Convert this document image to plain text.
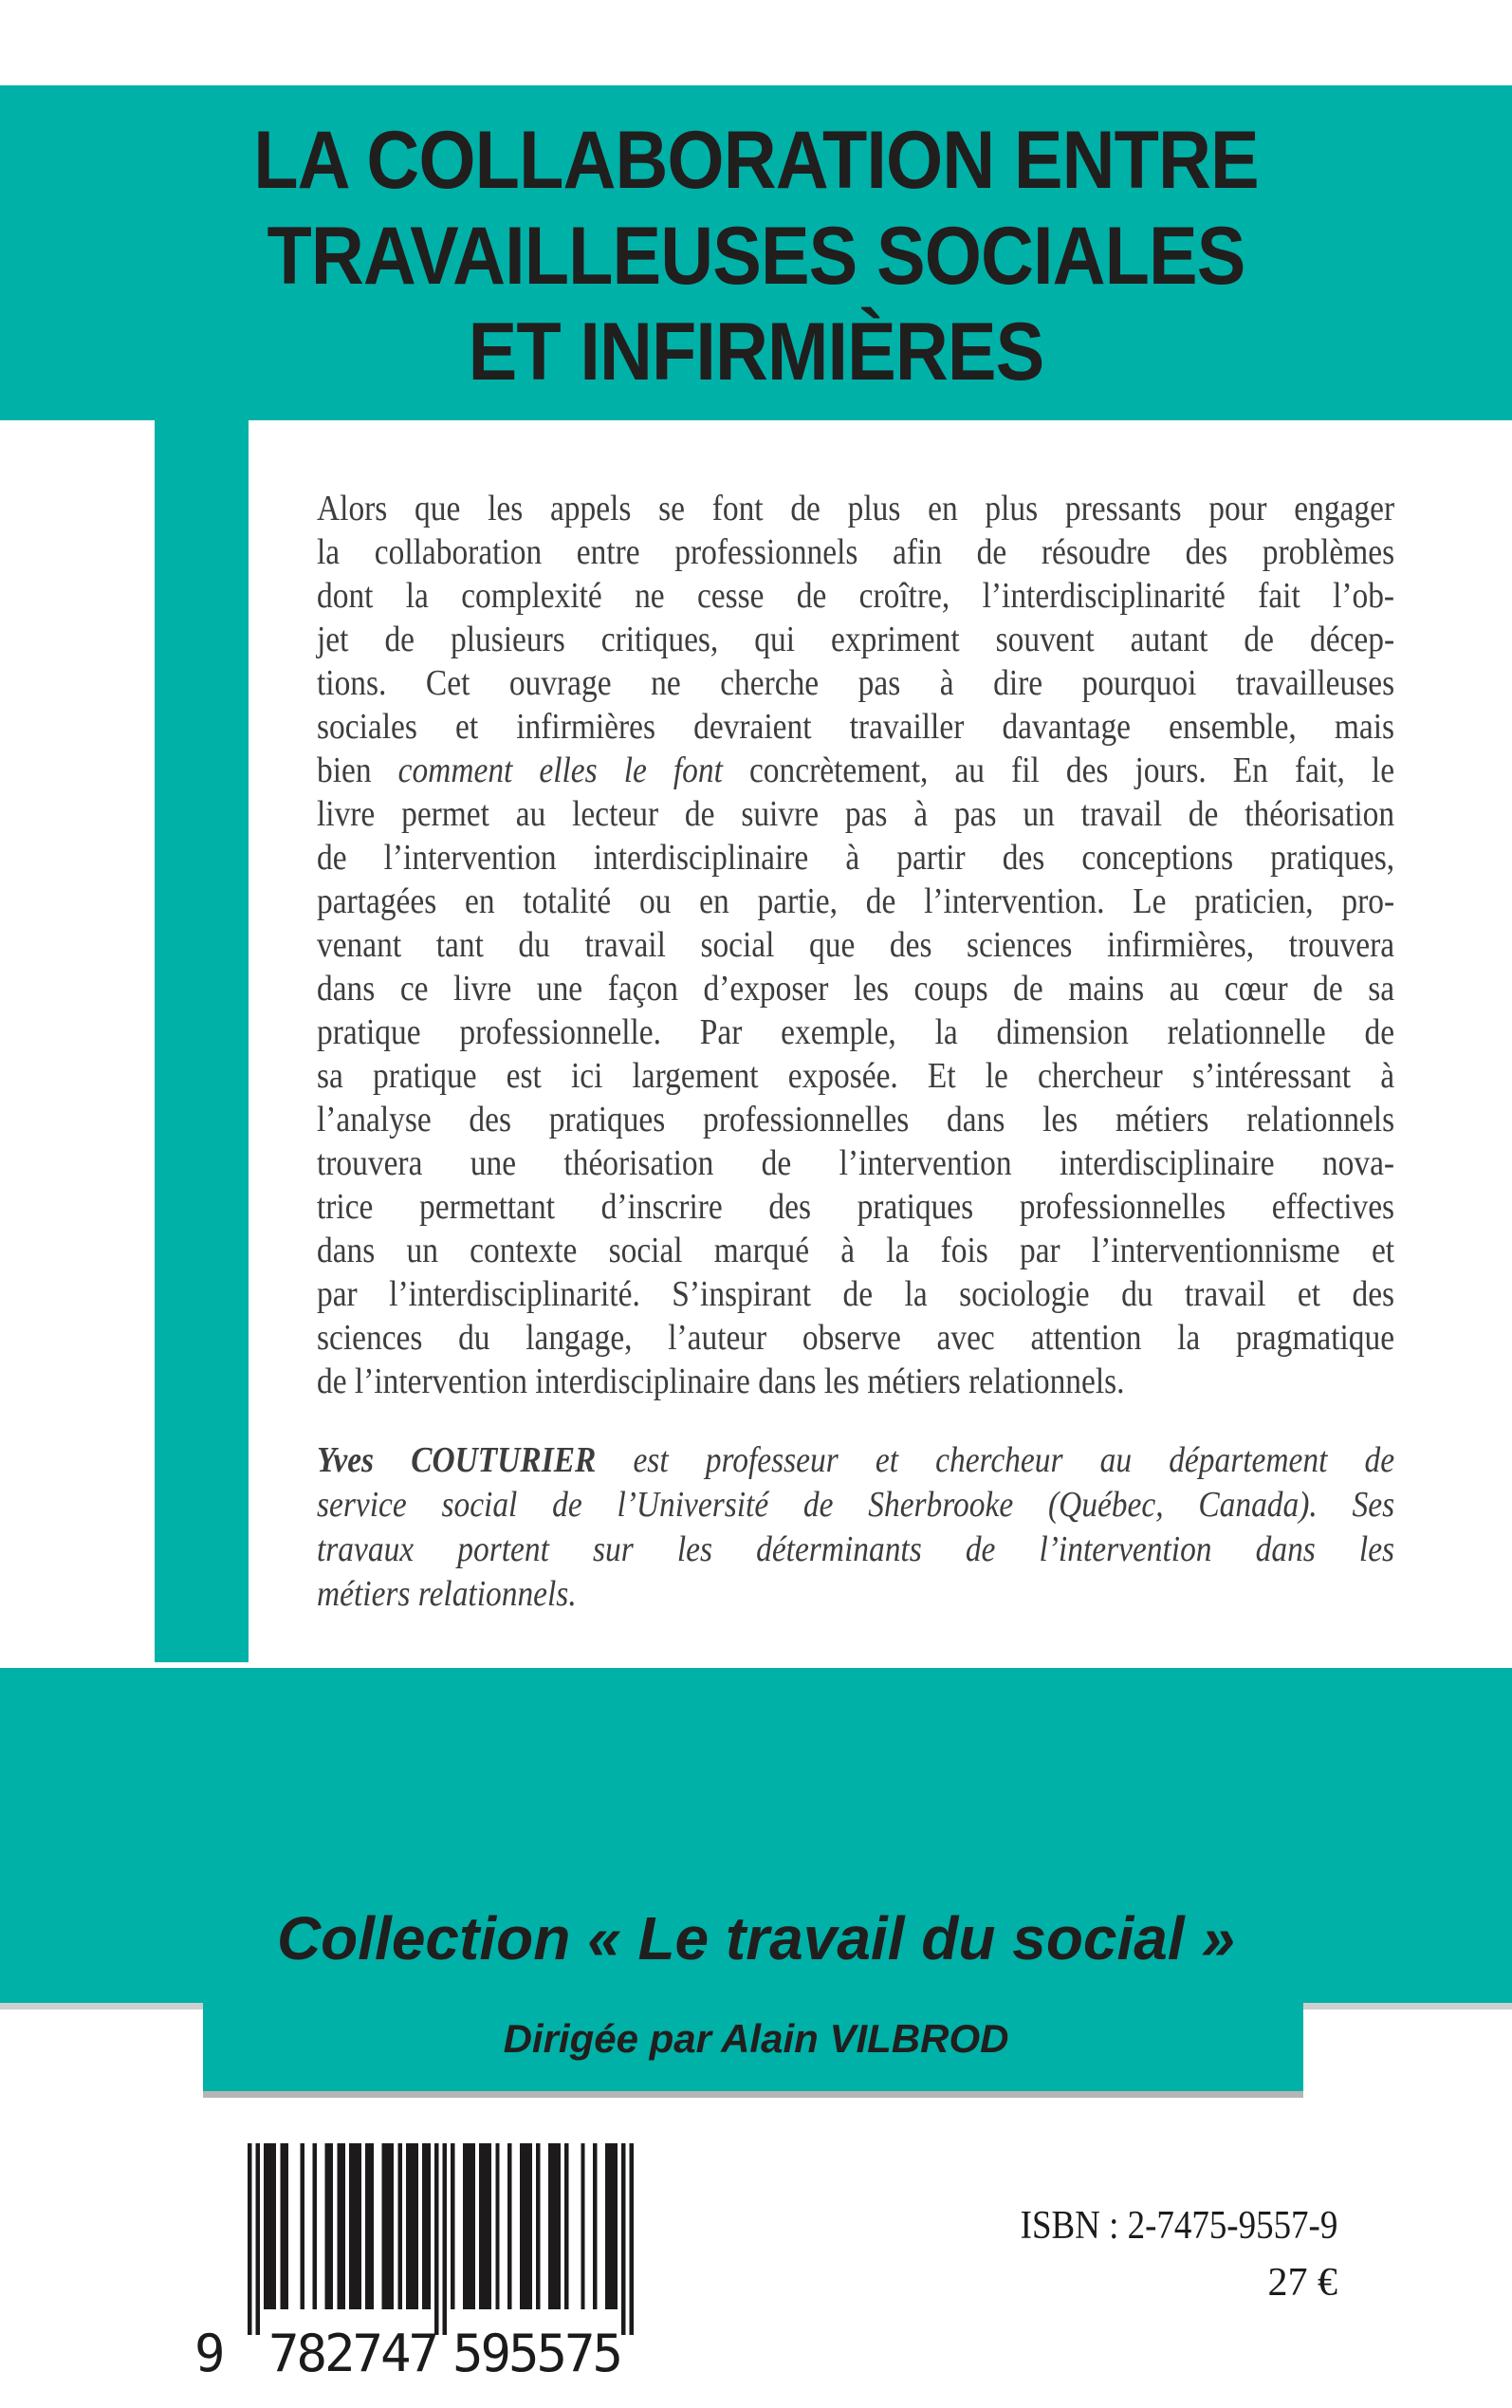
LA COLLABORATION ENTRE
TRAVAILLEUSES SOCIALES
ET INFIRMIÈRES
Alors que les appels se font de plus en plus pressants pour engager
la collaboration entre professionnels afin de résoudre des problèmes
dont la complexité ne cesse de croître, l’interdisciplinarité fait l’ob-
jet de plusieurs critiques, qui expriment souvent autant de décep-
tions. Cet ouvrage ne cherche pas à dire pourquoi travailleuses
sociales et infirmières devraient travailler davantage ensemble, mais
bien comment elles le font concrètement, au fil des jours. En fait, le
livre permet au lecteur de suivre pas à pas un travail de théorisation
de l’intervention interdisciplinaire à partir des conceptions pratiques,
partagées en totalité ou en partie, de l’intervention. Le praticien, pro-
venant tant du travail social que des sciences infirmières, trouvera
dans ce livre une façon d’exposer les coups de mains au cœur de sa
pratique professionnelle. Par exemple, la dimension relationnelle de
sa pratique est ici largement exposée. Et le chercheur s’intéressant à
l’analyse des pratiques professionnelles dans les métiers relationnels
trouvera une théorisation de l’intervention interdisciplinaire nova-
trice permettant d’inscrire des pratiques professionnelles effectives
dans un contexte social marqué à la fois par l’interventionnisme et
par l’interdisciplinarité. S’inspirant de la sociologie du travail et des
sciences du langage, l’auteur observe avec attention la pragmatique
de l’intervention interdisciplinaire dans les métiers relationnels.
Yves COUTURIER est professeur et chercheur au département de
service social de l’Université de Sherbrooke (Québec, Canada). Ses
travaux portent sur les déterminants de l’intervention dans les
métiers relationnels.
Collection « Le travail du social »
Dirigée par Alain VILBROD
9 782747 595575
ISBN : 2-7475-9557-9
27 €
